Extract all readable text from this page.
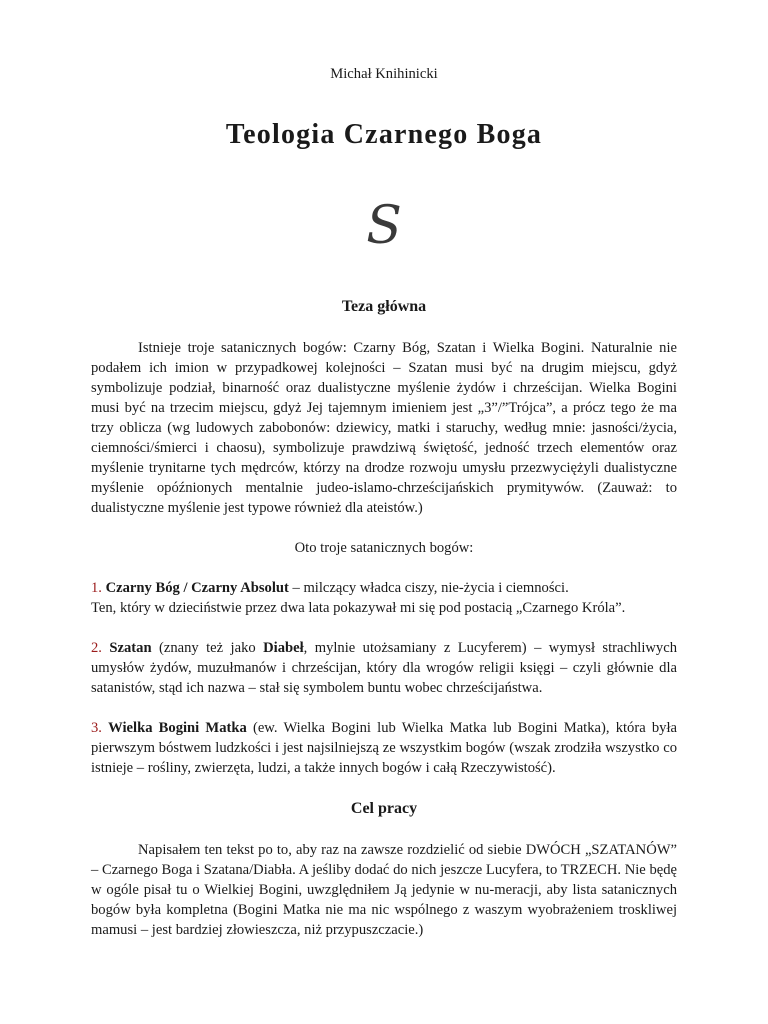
Michał Knihinicki
Teologia Czarnego Boga
S
Teza główna

Istnieje troje satanicznych bogów: Czarny Bóg, Szatan i Wielka Bogini. Naturalnie nie podałem ich imion w przypadkowej kolejności – Szatan musi być na drugim miejscu, gdyż symbolizuje podział, binarność oraz dualistyczne myślenie żydów i chrześcijan. Wielka Bogini musi być na trzecim miejscu, gdyż Jej tajemnym imieniem jest „3”/”Trójca”, a prócz tego że ma trzy oblicza (wg ludowych zabobonów: dziewicy, matki i staruchy, według mnie: jasności/życia, ciemności/śmierci i chaosu), symbolizuje prawdziwą świętość, jedność trzech elementów oraz myślenie trynitarne tych mędrców, którzy na drodze rozwoju umysłu przezwyciężyli dualistyczne myślenie opóźnionych mentalnie judeo-islamo-chrześcijańskich prymitywów. (Zauważ: to dualistyczne myślenie jest typowe również dla ateistów.)

Oto troje satanicznych bogów:

1. Czarny Bóg / Czarny Absolut – milczący władca ciszy, nie-życia i ciemności.

Ten, który w dzieciństwie przez dwa lata pokazywał mi się pod postacią „Czarnego Króla”.

2. Szatan (znany też jako Diabeł, mylnie utożsamiany z Lucyferem) – wymysł strachliwych umysłów żydów, muzułmanów i chrześcijan, który dla wrogów religii księgi – czyli głównie dla satanistów, stąd ich nazwa – stał się symbolem buntu wobec chrześcijaństwa.

3. Wielka Bogini Matka (ew. Wielka Bogini lub Wielka Matka lub Bogini Matka), która była pierwszym bóstwem ludzkości i jest najsilniejszą ze wszystkim bogów (wszak zrodziła wszystko co istnieje – rośliny, zwierzęta, ludzi, a także innych bogów i całą Rzeczywistość).

Cel pracy

Napisałem ten tekst po to, aby raz na zawsze rozdzielić od siebie DWÓCH „SZATANÓW” – Czarnego Boga i Szatana/Diabła. A jeśliby dodać do nich jeszcze Lucyfera, to TRZECH. Nie będę w ogóle pisał tu o Wielkiej Bogini, uwzględniłem Ją jedynie w nu-meracji, aby lista satanicznych bogów była kompletna (Bogini Matka nie ma nic wspólnego z waszym wyobrażeniem troskliwej mamusi – jest bardziej złowieszcza, niż przypuszczacie.)
